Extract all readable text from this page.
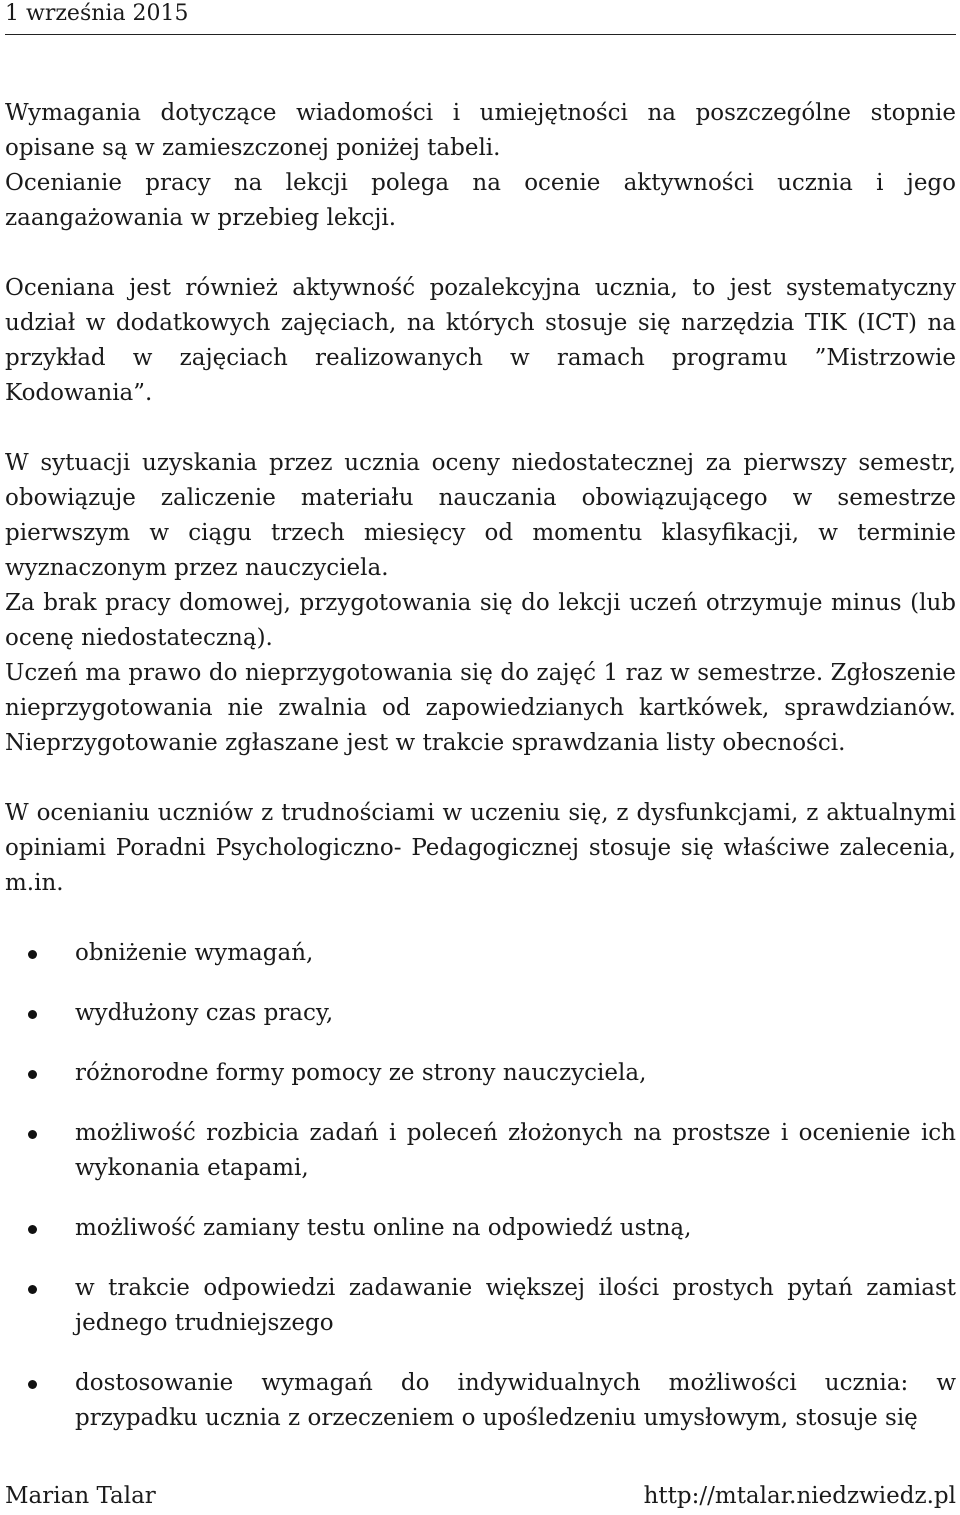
1 września 2015

Wymagania dotyczące wiadomości i umiejętności na poszczególne stopnie opisane są w zamieszczonej poniżej tabeli.

Ocenianie pracy na lekcji polega na ocenie aktywności ucznia i jego zaangażowania w przebieg lekcji.

Oceniana jest również aktywność pozalekcyjna ucznia, to jest systematyczny udział w dodatkowych zajęciach, na których stosuje się narzędzia TIK (ICT) na przykład w zajęciach realizowanych w ramach programu ”Mistrzowie Kodowania”.

W sytuacji uzyskania przez ucznia oceny niedostatecznej za pierwszy semestr, obowiązuje zaliczenie materiału nauczania obowiązującego w semestrze pierwszym w ciągu trzech miesięcy od momentu klasyfikacji, w terminie wyznaczonym przez nauczyciela.

Za brak pracy domowej, przygotowania się do lekcji uczeń otrzymuje minus (lub ocenę niedostateczną).

Uczeń ma prawo do nieprzygotowania się do zajęć 1 raz w semestrze. Zgłoszenie nieprzygotowania nie zwalnia od zapowiedzianych kartkówek, sprawdzianów. Nieprzygotowanie zgłaszane jest w trakcie sprawdzania listy obecności.

W ocenianiu uczniów z trudnościami w uczeniu się, z dysfunkcjami, z aktualnymi opiniami Poradni Psychologiczno- Pedagogicznej stosuje się właściwe zalecenia, m.in.

obniżenie wymagań,
wydłużony czas pracy,
różnorodne formy pomocy ze strony nauczyciela,
możliwość rozbicia zadań i poleceń złożonych na prostsze i ocenienie ich wykonania etapami,
możliwość zamiany testu online na odpowiedź ustną,
w trakcie odpowiedzi zadawanie większej ilości prostych pytań zamiast jednego trudniejszego
dostosowanie wymagań do indywidualnych możliwości ucznia: w przypadku ucznia z orzeczeniem o upośledzeniu umysłowym, stosuje się
Marian Talar	http://mtalar.niedzwiedz.pl
